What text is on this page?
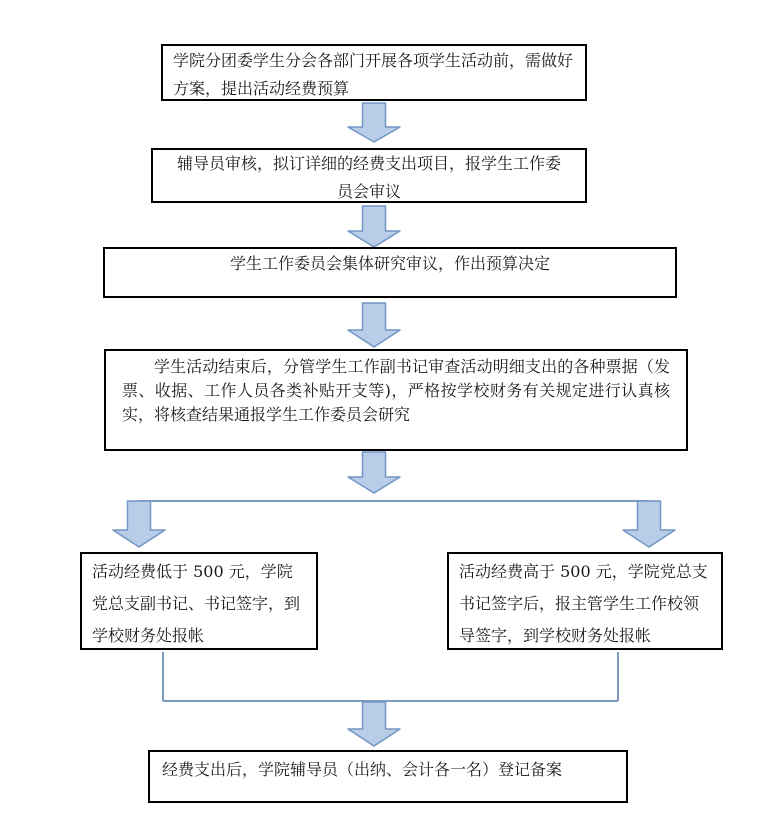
学院分团委学生分会各部门开展各项学生活动前，需做好方案，提出活动经费预算
辅导员审核，拟订详细的经费支出项目，报学生工作委员会审议
学生工作委员会集体研究审议，作出预算决定
学生活动结束后，分管学生工作副书记审查活动明细支出的各种票据（发票、收据、工作人员各类补贴开支等)，严格按学校财务有关规定进行认真核实，将核查结果通报学生工作委员会研究
活动经费低于 500 元，学院党总支副书记、书记签字，到学校财务处报帐
活动经费高于 500 元，学院党总支书记签字后，报主管学生工作校领导签字，到学校财务处报帐
经费支出后，学院辅导员（出纳、会计各一名）登记备案
